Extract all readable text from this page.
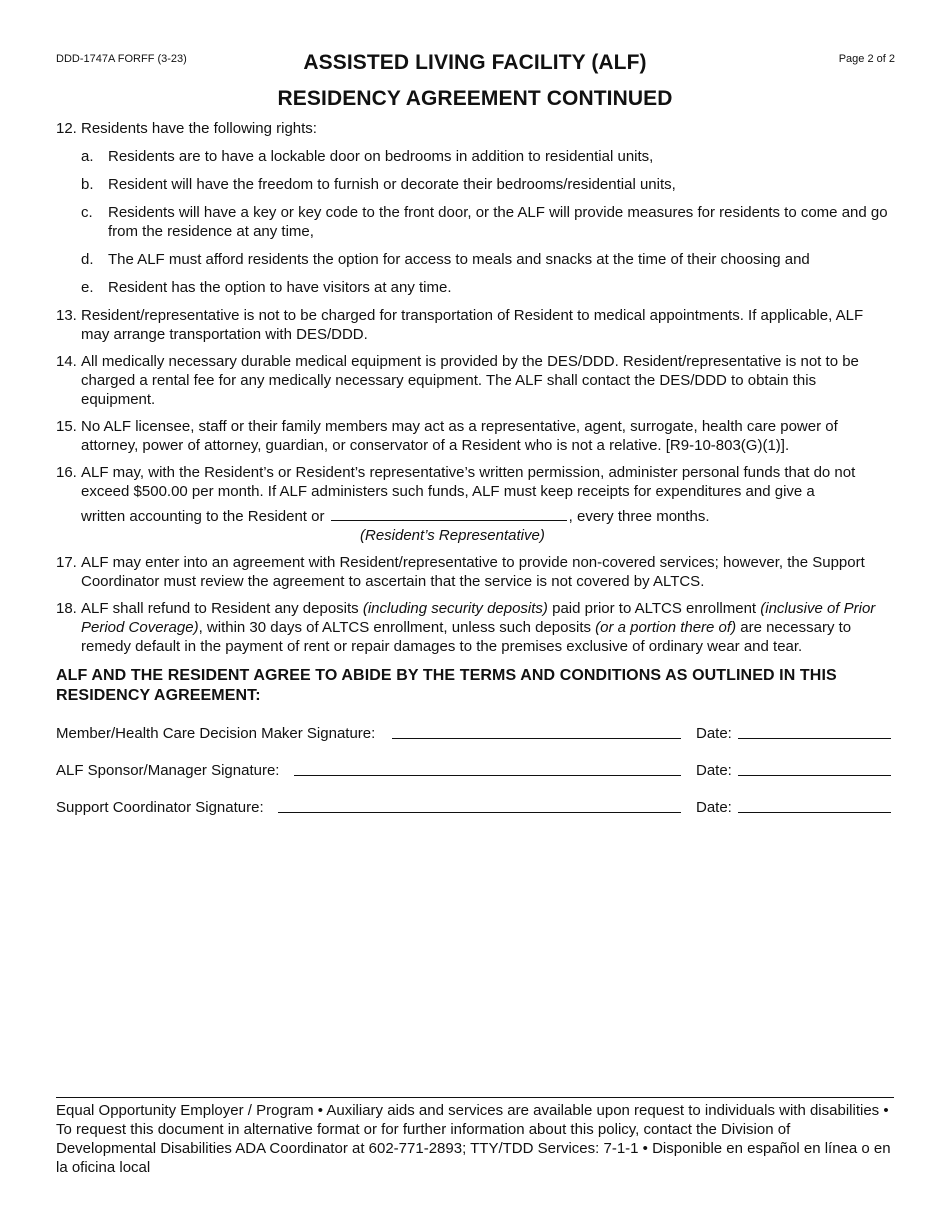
DDD-1747A FORFF (3-23)	Page 2 of 2
ASSISTED LIVING FACILITY (ALF)
RESIDENCY AGREEMENT CONTINUED
12. Residents have the following rights:
a. Residents are to have a lockable door on bedrooms in addition to residential units,
b. Resident will have the freedom to furnish or decorate their bedrooms/residential units,
c. Residents will have a key or key code to the front door, or the ALF will provide measures for residents to come and go from the residence at any time,
d. The ALF must afford residents the option for access to meals and snacks at the time of their choosing and
e. Resident has the option to have visitors at any time.
13. Resident/representative is not to be charged for transportation of Resident to medical appointments. If applicable, ALF may arrange transportation with DES/DDD.
14. All medically necessary durable medical equipment is provided by the DES/DDD. Resident/representative is not to be charged a rental fee for any medically necessary equipment. The ALF shall contact the DES/DDD to obtain this equipment.
15. No ALF licensee, staff or their family members may act as a representative, agent, surrogate, health care power of attorney, power of attorney, guardian, or conservator of a Resident who is not a relative. [R9-10-803(G)(1)].
16. ALF may, with the Resident’s or Resident’s representative’s written permission, administer personal funds that do not exceed $500.00 per month. If ALF administers such funds, ALF must keep receipts for expenditures and give a
written accounting to the Resident or	, every three months.
(Resident’s Representative)
17. ALF may enter into an agreement with Resident/representative to provide non-covered services; however, the Support Coordinator must review the agreement to ascertain that the service is not covered by ALTCS.
18. ALF shall refund to Resident any deposits (including security deposits) paid prior to ALTCS enrollment (inclusive of Prior Period Coverage), within 30 days of ALTCS enrollment, unless such deposits (or a portion there of) are necessary to remedy default in the payment of rent or repair damages to the premises exclusive of ordinary wear and tear.
ALF AND THE RESIDENT AGREE TO ABIDE BY THE TERMS AND CONDITIONS AS OUTLINED IN THIS RESIDENCY AGREEMENT:
Member/Health Care Decision Maker Signature:	Date:
ALF Sponsor/Manager Signature:	Date:
Support Coordinator Signature:	Date:
Equal Opportunity Employer / Program • Auxiliary aids and services are available upon request to individuals with disabilities • To request this document in alternative format or for further information about this policy, contact the Division of Developmental Disabilities ADA Coordinator at 602-771-2893; TTY/TDD Services: 7-1-1 • Disponible en español en línea o en la oficina local
